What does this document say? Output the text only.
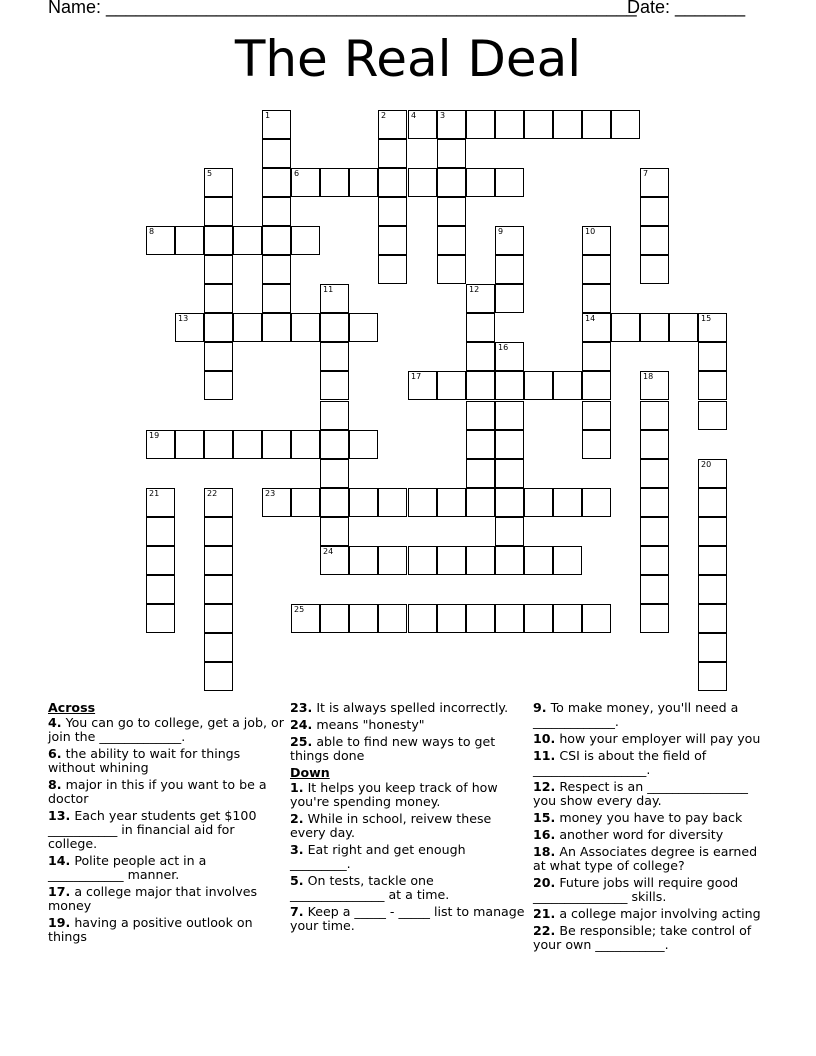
Name: _____________________________________________________
Date: _______
The Real Deal
4	3
6
8
13	14	15
17
19
23
24
25
1	2
5	7
9	10
11	12
16
18
20
21	22
Across
4. You can go to college, get a job, or join the _____________.
6. the ability to wait for things without whining
8. major in this if you want to be a doctor
13. Each year students get $100 ___________ in financial aid for college.
14. Polite people act in a ____________ manner.
17. a college major that involves money
19. having a positive outlook on things
23. It is always spelled incorrectly.
24. means "honesty"
25. able to find new ways to get things done
Down
1. It helps you keep track of how you're spending money.
2. While in school, reivew these every day.
3. Eat right and get enough _________.
5. On tests, tackle one _______________ at a time.
7. Keep a _____ - _____ list to manage your time.
9. To make money, you'll need a _____________.
10. how your employer will pay you
11. CSI is about the field of __________________.
12. Respect is an ________________ you show every day.
15. money you have to pay back
16. another word for diversity
18. An Associates degree is earned at what type of college?
20. Future jobs will require good _______________ skills.
21. a college major involving acting
22. Be responsible; take control of your own ___________.
